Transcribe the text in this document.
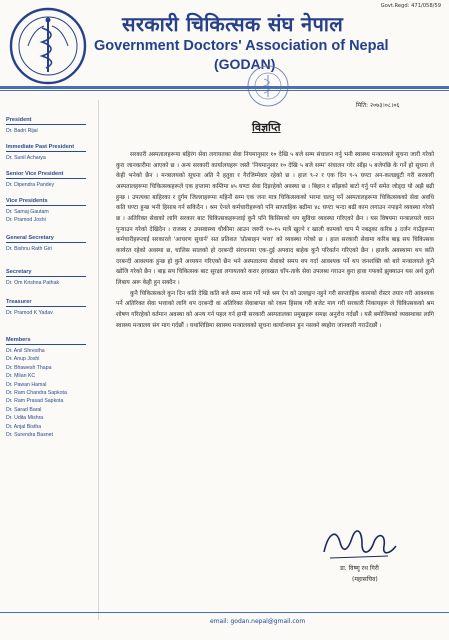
Govt.Regd: 471/058/59
सरकारी चिकित्सक संघ नेपाल
Government Doctors' Association of Nepal
(GODAN)
President
Dr. Badri Rijal
Immediate Past President
Dr. Sunil Acharya
Senior Vice President
Dr. Dipendra Pandey
Vice Presidents
Dr. Samaj Gautam
Dr. Pramod Joshi
General Secretary
Dr. Bishnu Rath Giri
Secretary
Dr. Om Krishna Pathak
Treasurer
Dr. Pramod K Yadav
Members
Dr. Anil Shrestha
Dr. Anup Joshi
Dr. Bhawesh Thapa
Dr. Milan KC
Dr. Pawan Hamal
Dr. Ram Chandra Sapkota
Dr. Ram Prasad Sapkota
Dr. Sarad Baral
Dr. Udita Mishra
Dr. Anjal Bistha
Dr. Surendra Basnet
मिति: २०७३।०८।०६
विज्ञप्ति

सरकारी अस्पतालहरूमा बहिरंग सेवा लगायतका सेवा नियमानुसार १० देखि ५ बजे सम्म संचालन गर्नु भनी स्वास्थ्य मन्त्रालयले सूचना जारी गरेको कुरा जानकारीमा आएको छ । अन्य सरकारी कार्यालयहरू जस्तै 'नियमानुसार १० देखि ५ बजे सम्म' संचालन गरेर साँझ ५ बजेपछि के गर्ने हो सूचना ले केही भनेको छैन । मन्त्रालयको सूचना अति नै हतुवा र गैरजिम्मेवार रहेको छ । हाल ९-२ र एक दिन ९-५ घण्टा अन-कलड्युटी गरी सरकारी अस्पतालहरूमा चिकित्सकहरूले एक हप्तामा कम्तिमा ४५ घण्टा सेवा दिइरहेको अवस्था छ । बिहान र साँझको बाटो गर्नु पर्ने समेत जोड्दा यो अझै बढी हुन्छ । उपत्यका बाहिरका र दुर्गम जिल्लाहरूमा महिनौं सम्म एक जना मात्र चिकित्सकको भरमा चलनु पर्ने अस्पतालहरूमा चिकित्सकको सेवा अवधि कति घण्टा हुन्छ भनी हिसाब गर्न सकिदैन । श्रम ऐनले कर्मचारीहरूको पनि साप्ताहिक बढीमा ४८ घण्टा भन्दा बढी काम लगाउन नपाइने व्यवस्था गरेको छ । अतिरिक्त सेवाको लागि सरकार बाट चिकित्सकहरूलाई कुनै पनि किसिमको थप सुविधा व्यवस्था गरिएको छैन । यस विषयमा मन्त्रालयले ध्यान पुऱ्याउन गरेको देखिदैन । राजस्व र उपस्वास्थ्य चौकीमा आउन जरुरी १०-१५ मात्रै खुल्ने र खाली कामको चाप मै नबढ्का करिब ३ दर्जन गाउँहरूमा कर्मचारीहरूलाई सरकारले 'आचरण सुधार्न' सत प्रतिशत 'प्रोत्साहन भत्ता' को व्यवस्था गरेको छ । हाल सरकारी सेवामा करिब बाह्र सय चिकित्सक कार्यरत रहेको अवस्था छ, चालिस सालको हो दरबन्दी संरचनामा एक-दुई अपवाद बाहेक कुनै परिवर्तन गरिएको छैन । हालकै अवस्थामा थप कति दरबन्दी आवश्यक हुन्छ हो कुनै अध्ययन गरिएको छैन भने अस्पतालमा सेवाको समय थप गर्दा आवश्यक पर्ने थप जनशक्ति को बारे मन्त्रालयले कुनै खोजि गरेको छैन । बाह्र सय चिकित्सक बाट सुरक्षा लगायतको करार हरवखत चाँप-ताके सेवा उपलब्ध गराउन कुरा हावा गफको झुक्याउन यस अर्थ ठूलो लिबाय अरू केही हुन सक्दैन ।

कुनै चिकित्सकले कुन दिन कति देखि कति बजे सम्म काम गर्ने भन्ने श्रम ऐन को उल्लङ्घन नहुने गरी साप्ताहिक कामको रोस्टर तयार गरी आवश्यक पर्ने अतिरिक्त सेवा भत्ताको लागि थप दरबन्दी वा अतिरिक्त सेवाबापत को रकम हिसाब गरी बजेट माग गरी सरकारी निकायहरू ले चिकित्सकको श्रम शोषण गरिरहेको वर्तमान अवस्था को अन्त्य गर्न पहल गर्न हामी सरकारी अस्पतालका प्रमुखहरू समक्ष अनुरोध गर्दछौं । यसै बमोजिमको व्यवस्थाका लागि स्वास्थ्य मन्त्रालय संग माग गर्दछौं । यथाशिघ्रिमा स्वास्थ्य मन्त्रालयको सूचना कार्यान्वयन हुन नसक्ने ब्यहोरा जानकारी गराउँदछौं ।

डा. विष्णु रथ गिरी
(महासचिव)
email: godan.nepal@gmail.com
